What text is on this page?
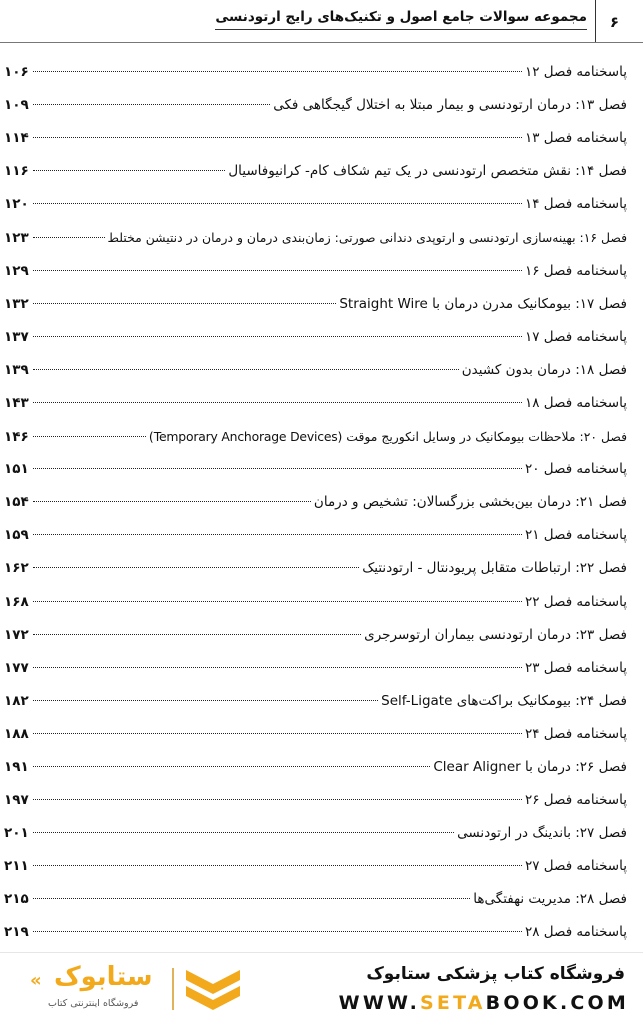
۶
مجموعه سوالات جامع اصول و تکنیک‌های رایج ارتودنسی
پاسخنامه فصل ۱۲
۱۰۶
فصل ۱۳: درمان ارتودنسی و بیمار مبتلا به اختلال گیجگاهی فکی
۱۰۹
پاسخنامه فصل ۱۳
۱۱۴
فصل ۱۴: نقش متخصص ارتودنسی در یک تیم شکاف کام- کرانیوفاسیال
۱۱۶
پاسخنامه فصل ۱۴
۱۲۰
فصل ۱۶: بهینه‌سازی ارتودنسی و ارتوپدی دندانی صورتی: زمان‌بندی درمان و درمان در دنتیشن مختلط
۱۲۳
پاسخنامه فصل ۱۶
۱۲۹
فصل ۱۷: بیومکانیک مدرن درمان با Straight Wire
۱۳۲
پاسخنامه فصل ۱۷
۱۳۷
فصل ۱۸: درمان بدون کشیدن
۱۳۹
پاسخنامه فصل ۱۸
۱۴۳
فصل ۲۰: ملاحظات بیومکانیک در وسایل انکوریج موقت (Temporary Anchorage Devices)
۱۴۶
پاسخنامه فصل ۲۰
۱۵۱
فصل ۲۱: درمان بین‌بخشی بزرگسالان: تشخیص و درمان
۱۵۴
پاسخنامه فصل ۲۱
۱۵۹
فصل ۲۲: ارتباطات متقابل پریودنتال - ارتودنتیک
۱۶۲
پاسخنامه فصل ۲۲
۱۶۸
فصل ۲۳: درمان ارتودنسی بیماران ارتوسرجری
۱۷۲
پاسخنامه فصل ۲۳
۱۷۷
فصل ۲۴: بیومکانیک براکت‌های Self-Ligate
۱۸۲
پاسخنامه فصل ۲۴
۱۸۸
فصل ۲۶: درمان با Clear Aligner
۱۹۱
پاسخنامه فصل ۲۶
۱۹۷
فصل ۲۷: باندینگ در ارتودنسی
۲۰۱
پاسخنامه فصل ۲۷
۲۱۱
فصل ۲۸: مدیریت نهفتگی‌ها
۲۱۵
پاسخنامه فصل ۲۸
۲۱۹
فروشگاه کتاب پزشکی ستابوک
WWW.SETABOOK.COM
« ستابوک
فروشگاه اینترنتی کتاب
